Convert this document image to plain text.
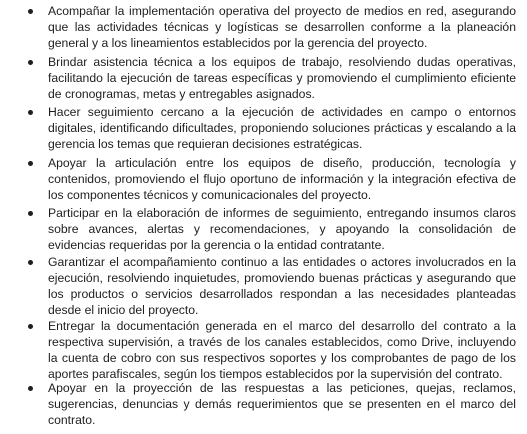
Acompañar la implementación operativa del proyecto de medios en red, asegurando que las actividades técnicas y logísticas se desarrollen conforme a la planeación general y a los lineamientos establecidos por la gerencia del proyecto.
Brindar asistencia técnica a los equipos de trabajo, resolviendo dudas operativas, facilitando la ejecución de tareas específicas y promoviendo el cumplimiento eficiente de cronogramas, metas y entregables asignados.
Hacer seguimiento cercano a la ejecución de actividades en campo o entornos digitales, identificando dificultades, proponiendo soluciones prácticas y escalando a la gerencia los temas que requieran decisiones estratégicas.
Apoyar la articulación entre los equipos de diseño, producción, tecnología y contenidos, promoviendo el flujo oportuno de información y la integración efectiva de los componentes técnicos y comunicacionales del proyecto.
Participar en la elaboración de informes de seguimiento, entregando insumos claros sobre avances, alertas y recomendaciones, y apoyando la consolidación de evidencias requeridas por la gerencia o la entidad contratante.
Garantizar el acompañamiento continuo a las entidades o actores involucrados en la ejecución, resolviendo inquietudes, promoviendo buenas prácticas y asegurando que los productos o servicios desarrollados respondan a las necesidades planteadas desde el inicio del proyecto.
Entregar la documentación generada en el marco del desarrollo del contrato a la respectiva supervisión, a través de los canales establecidos, como Drive, incluyendo la cuenta de cobro con sus respectivos soportes y los comprobantes de pago de los aportes parafiscales, según los tiempos establecidos por la supervisión del contrato.
Apoyar en la proyección de las respuestas a las peticiones, quejas, reclamos, sugerencias, denuncias y demás requerimientos que se presenten en el marco del contrato.
